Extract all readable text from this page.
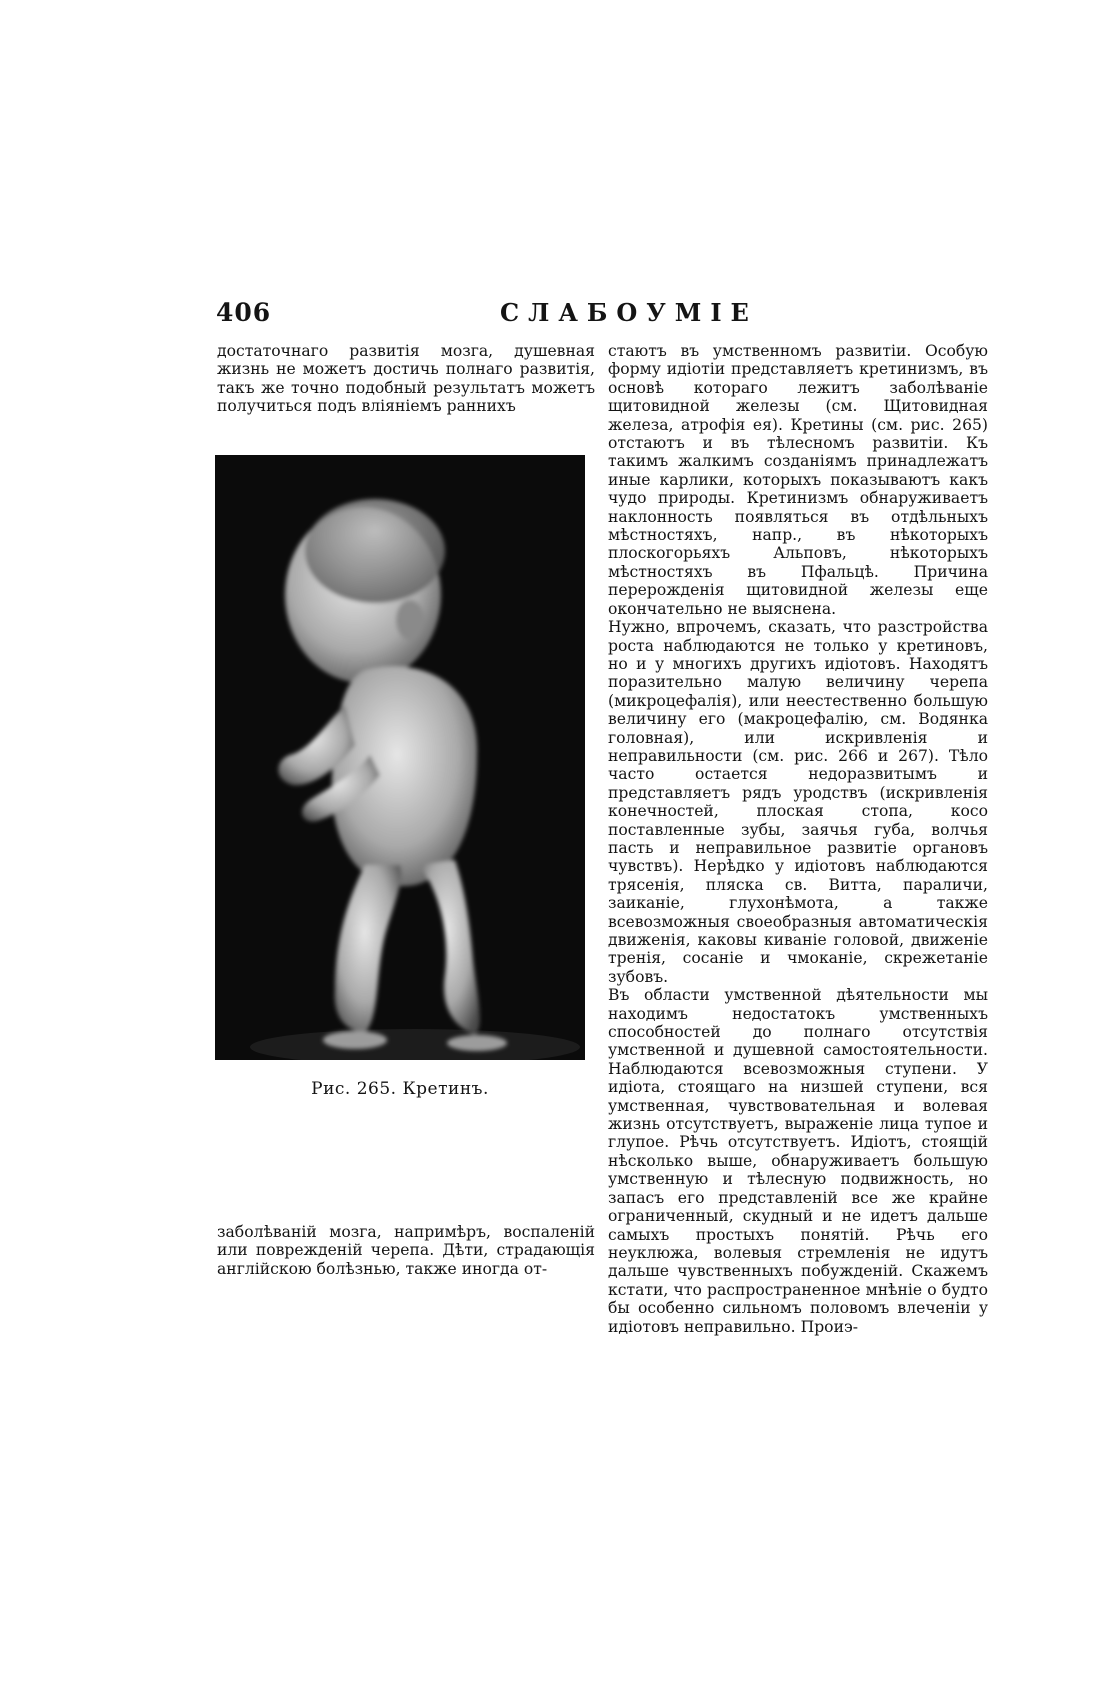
406	СЛАБОУМІЕ
достаточнаго развитія мозга, душевная жизнь не можетъ достичь полнаго развитія, такъ же точно подобный результатъ можетъ получиться подъ вліяніемъ раннихъ
Рис. 265. Кретинъ.
заболѣваній мозга, напримѣръ, воспаленій или поврежденій черепа. Дѣти, страдающія англійскою болѣзнью, также иногда от-
стаютъ въ умственномъ развитіи. Особую форму идіотіи представляетъ кретинизмъ, въ основѣ котораго лежитъ заболѣваніе щитовидной железы (см. Щитовидная железа, атрофія ея). Кретины (см. рис. 265) отстаютъ и въ тѣлесномъ развитіи. Къ такимъ жалкимъ созданіямъ принадлежатъ иные карлики, которыхъ показываютъ какъ чудо природы. Кретинизмъ обнаруживаетъ наклонность появляться въ отдѣльныхъ мѣстностяхъ, напр., въ нѣкоторыхъ плоскогорьяхъ Альповъ, нѣкоторыхъ мѣстностяхъ въ Пфальцѣ. Причина перерожденія щитовидной железы еще окончательно не выяснена.
Нужно, впрочемъ, сказать, что разстройства роста наблюдаются не только у кретиновъ, но и у многихъ другихъ идіотовъ. Находятъ поразительно малую величину черепа (микроцефалія), или неестественно большую величину его (макроцефалію, см. Водянка головная), или искривленія и неправильности (см. рис. 266 и 267). Тѣло часто остается недоразвитымъ и представляетъ рядъ уродствъ (искривленія конечностей, плоская стопа, косо поставленные зубы, заячья губа, волчья пасть и неправильное развитіе органовъ чувствъ). Нерѣдко у идіотовъ наблюдаются трясенія, пляска св. Витта, параличи, заиканіе, глухонѣмота, а также всевозможныя своеобразныя автоматическія движенія, каковы киваніе головой, движеніе тренія, сосаніе и чмоканіе, скрежетаніе зубовъ.
Въ области умственной дѣятельности мы находимъ недостатокъ умственныхъ способностей до полнаго отсутствія умственной и душевной самостоятельности. Наблюдаются всевозможныя ступени. У идіота, стоящаго на низшей ступени, вся умственная, чувствовательная и волевая жизнь отсутствуетъ, выраженіе лица тупое и глупое. Рѣчь отсутствуетъ. Идіотъ, стоящій нѣсколько выше, обнаруживаетъ большую умственную и тѣлесную подвижность, но запасъ его представленій все же крайне ограниченный, скудный и не идетъ дальше самыхъ простыхъ понятій. Рѣчь его неуклюжа, волевыя стремленія не идутъ дальше чувственныхъ побужденій. Скажемъ кстати, что распространенное мнѣніе о будто бы особенно сильномъ половомъ влеченіи у идіотовъ неправильно. Проиэ-
